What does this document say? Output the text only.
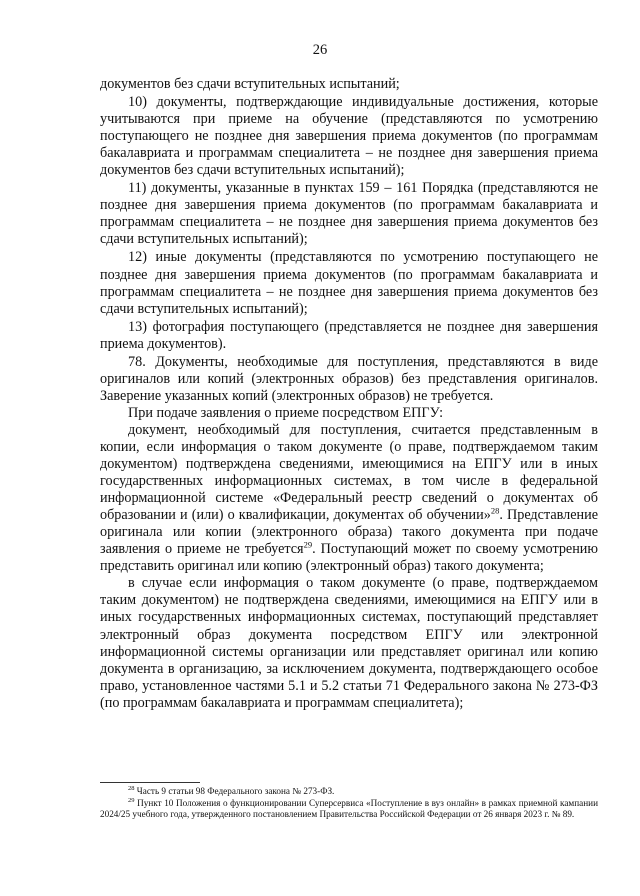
26

документов без сдачи вступительных испытаний;

10) документы, подтверждающие индивидуальные достижения, которые учитываются при приеме на обучение (представляются по усмотрению поступающего не позднее дня завершения приема документов (по программам бакалавриата и программам специалитета – не позднее дня завершения приема документов без сдачи вступительных испытаний);

11) документы, указанные в пунктах 159 – 161 Порядка (представляются не позднее дня завершения приема документов (по программам бакалавриата и программам специалитета – не позднее дня завершения приема документов без сдачи вступительных испытаний);

12) иные документы (представляются по усмотрению поступающего не позднее дня завершения приема документов (по программам бакалавриата и программам специалитета – не позднее дня завершения приема документов без сдачи вступительных испытаний);

13) фотография поступающего (представляется не позднее дня завершения приема документов).

78. Документы, необходимые для поступления, представляются в виде оригиналов или копий (электронных образов) без представления оригиналов. Заверение указанных копий (электронных образов) не требуется.

При подаче заявления о приеме посредством ЕПГУ:

документ, необходимый для поступления, считается представленным в копии, если информация о таком документе (о праве, подтверждаемом таким документом) подтверждена сведениями, имеющимися на ЕПГУ или в иных государственных информационных системах, в том числе в федеральной информационной системе «Федеральный реестр сведений о документах об образовании и (или) о квалификации, документах об обучении»$^{28}$. Представление оригинала или копии (электронного образа) такого документа при подаче заявления о приеме не требуется$^{29}$. Поступающий может по своему усмотрению представить оригинал или копию (электронный образ) такого документа;

в случае если информация о таком документе (о праве, подтверждаемом таким документом) не подтверждена сведениями, имеющимися на ЕПГУ или в иных государственных информационных системах, поступающий представляет электронный образ документа посредством ЕПГУ или электронной информационной системы организации или представляет оригинал или копию документа в организацию, за исключением документа, подтверждающего особое право, установленное частями 5.1 и 5.2 статьи 71 Федерального закона № 273-ФЗ (по программам бакалавриата и программам специалитета);

$^{28}$ Часть 9 статьи 98 Федерального закона № 273-ФЗ.

$^{29}$ Пункт 10 Положения о функционировании Суперсервиса «Поступление в вуз онлайн» в рамках приемной кампании 2024/25 учебного года, утвержденного постановлением Правительства Российской Федерации от 26 января 2023 г. № 89.
